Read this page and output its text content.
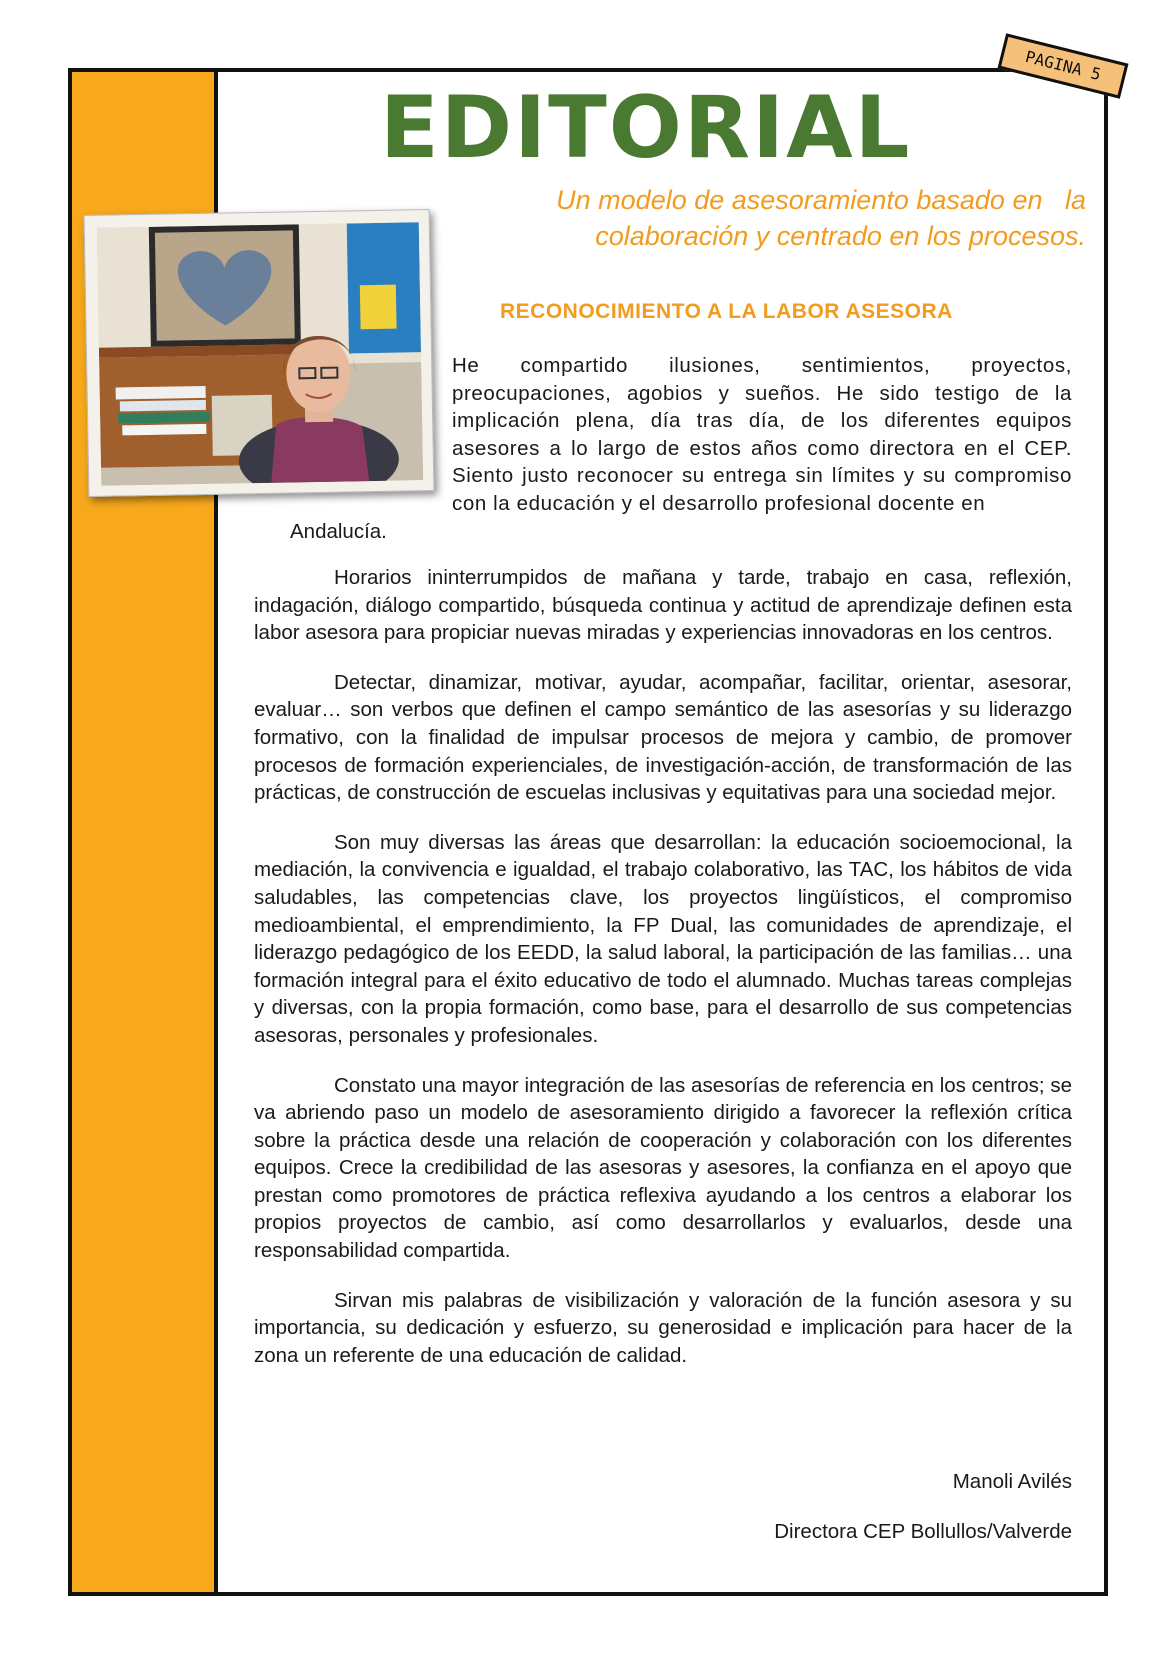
PAGINA 5
EDITORIAL
Un modelo de asesoramiento basado en   la
colaboración y centrado en los procesos.
RECONOCIMIENTO A LA LABOR ASESORA

He compartido ilusiones, sentimientos, proyectos, preocupaciones, agobios y sueños. He sido testigo de la implicación plena, día tras día, de los diferentes equipos asesores a lo largo de estos años como directora en el CEP. Siento justo reconocer su entrega sin límites y su compromiso con la educación y el desarrollo profesional docente en

Andalucía.

Horarios ininterrumpidos de mañana y tarde, trabajo en casa, reflexión, indagación, diálogo compartido, búsqueda continua y actitud de aprendizaje definen esta labor asesora para propiciar nuevas miradas y experiencias innovadoras en los centros.

Detectar, dinamizar, motivar, ayudar, acompañar, facilitar, orientar, asesorar, evaluar… son verbos que definen el campo semántico de las asesorías y su liderazgo formativo, con la finalidad de impulsar procesos de mejora y cambio, de promover procesos de formación experienciales, de investigación-acción, de transformación de las prácticas, de construcción de escuelas inclusivas y equitativas para una sociedad mejor.

Son muy diversas las áreas que desarrollan: la educación socioemocional, la mediación, la convivencia e igualdad, el trabajo colaborativo, las TAC, los hábitos de vida saludables, las competencias clave, los proyectos lingüísticos, el compromiso medioambiental, el emprendimiento, la FP Dual, las comunidades de aprendizaje, el liderazgo pedagógico de los EEDD, la salud laboral, la participación de las familias… una formación integral para el éxito educativo de todo el alumnado. Muchas tareas complejas y diversas, con la propia formación, como base, para el desarrollo de sus competencias asesoras, personales y profesionales.

Constato una mayor integración de las asesorías de referencia en los centros; se va abriendo paso un modelo de asesoramiento dirigido a favorecer la reflexión crítica sobre la práctica desde una relación de cooperación y colaboración con los diferentes equipos. Crece la credibilidad de las asesoras y asesores, la confianza en el apoyo que prestan como promotores de práctica reflexiva ayudando a los centros a elaborar los propios proyectos de cambio, así como desarrollarlos y evaluarlos, desde una responsabilidad compartida.

Sirvan mis palabras de visibilización y valoración de la función asesora y su importancia, su dedicación y esfuerzo, su generosidad e implicación para hacer de la zona un referente de una educación de calidad.

Manoli Avilés
Directora CEP Bollullos/Valverde
